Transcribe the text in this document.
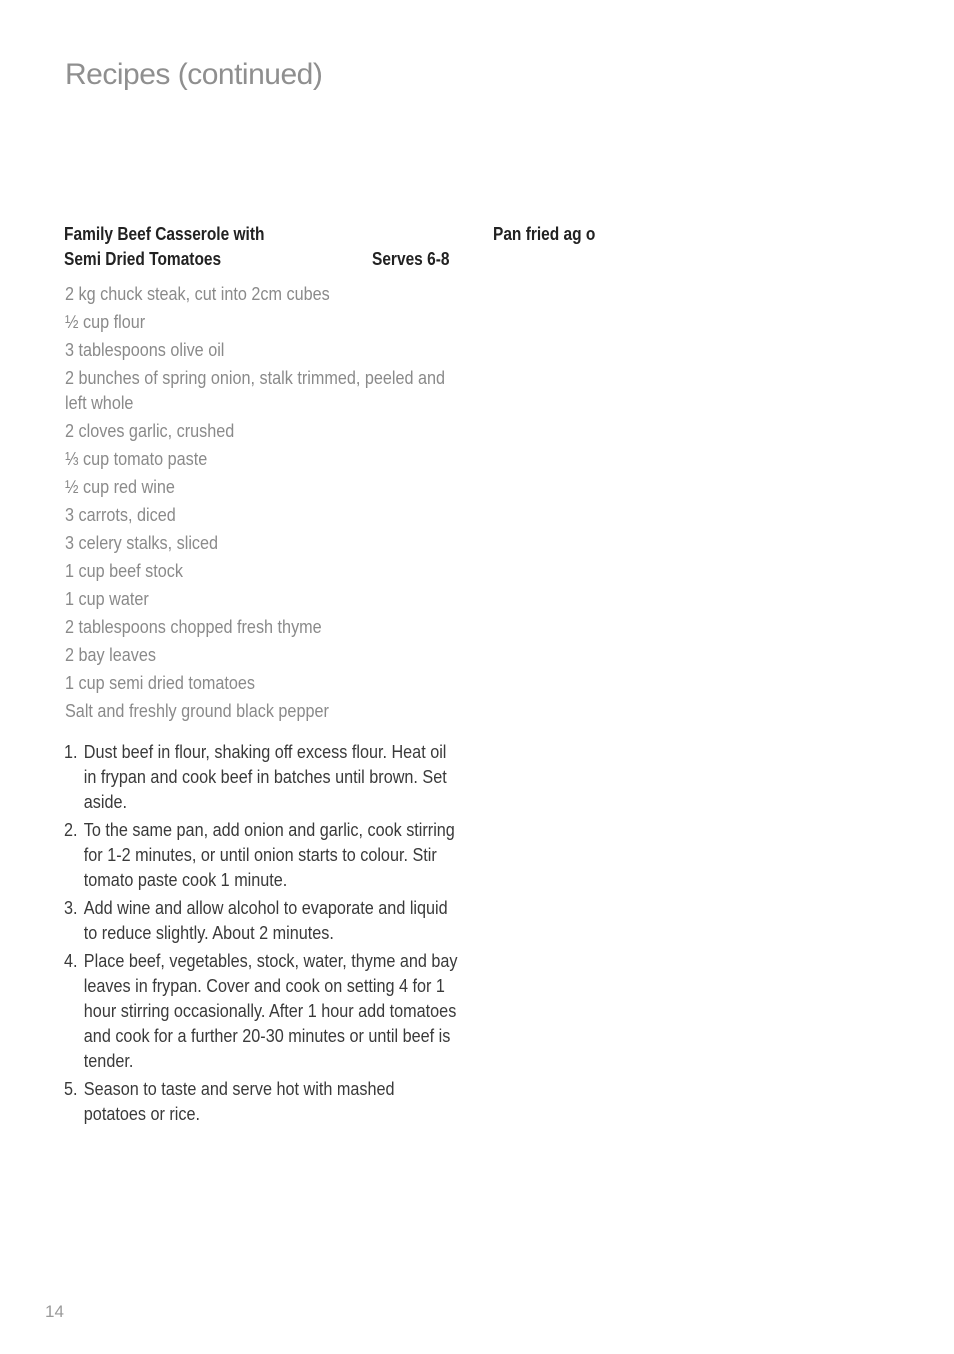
Recipes (continued)
Family Beef Casserole with
Semi Dried Tomatoes	Serves 6-8
Pan fried ag o
2 kg chuck steak, cut into 2cm cubes
½ cup flour
3 tablespoons olive oil
2 bunches of spring onion, stalk trimmed, peeled and left whole
2 cloves garlic, crushed
⅓ cup tomato paste
½ cup red wine
3 carrots, diced
3 celery stalks, sliced
1 cup beef stock
1 cup water
2 tablespoons chopped fresh thyme
2 bay leaves
1 cup semi dried tomatoes
Salt and freshly ground black pepper
1. Dust beef in flour, shaking off excess flour. Heat oil in frypan and cook beef in batches until brown. Set aside.
2. To the same pan, add onion and garlic, cook stirring for 1-2 minutes, or until onion starts to colour. Stir tomato paste cook 1 minute.
3. Add wine and allow alcohol to evaporate and liquid to reduce slightly. About 2 minutes.
4. Place beef, vegetables, stock, water, thyme and bay leaves in frypan. Cover and cook on setting 4 for 1 hour stirring occasionally. After 1 hour add tomatoes and cook for a further 20-30 minutes or until beef is tender.
5. Season to taste and serve hot with mashed potatoes or rice.
14
